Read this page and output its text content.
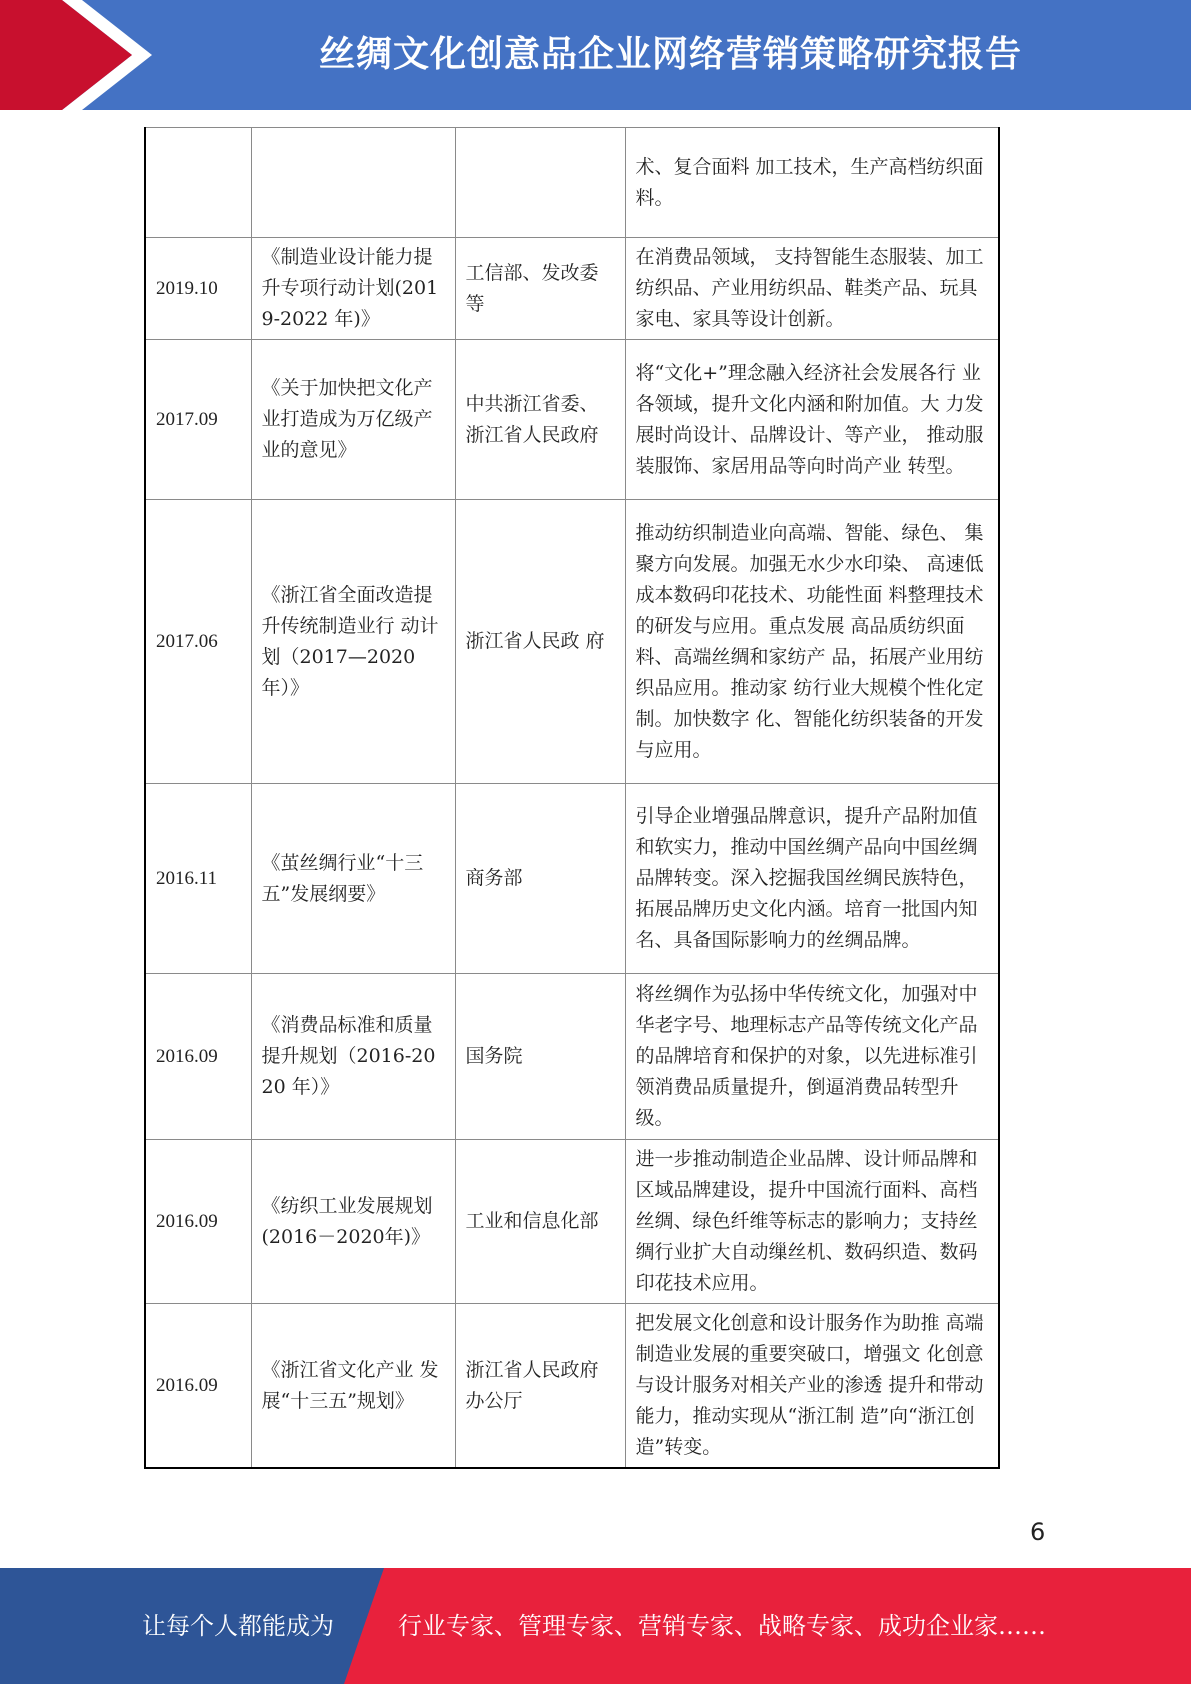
丝绸文化创意品企业网络营销策略研究报告
			术、复合面料 加工技术，生产高档纺织面料。
2019.10	《制造业设计能力提升专项行动计划(2019-2022 年)》	工信部、发改委等	在消费品领域， 支持智能生态服装、加工纺织品、产业用纺织品、鞋类产品、玩具家电、家具等设计创新。
2017.09	《关于加快把文化产业打造成为万亿级产业的意见》	中共浙江省委、浙江省人民政府	将“文化+”理念融入经济社会发展各行 业各领域，提升文化内涵和附加值。大 力发展时尚设计、品牌设计、等产业， 推动服装服饰、家居用品等向时尚产业 转型。
2017.06	《浙江省全面改造提升传统制造业行 动计划（2017—2020 年）》	浙江省人民政 府	推动纺织制造业向高端、智能、绿色、 集聚方向发展。加强无水少水印染、 高速低成本数码印花技术、功能性面 料整理技术的研发与应用。重点发展 高品质纺织面料、高端丝绸和家纺产 品，拓展产业用纺织品应用。推动家 纺行业大规模个性化定制。加快数字 化、智能化纺织装备的开发与应用。
2016.11	《茧丝绸行业“十三五”发展纲要》	商务部	引导企业增强品牌意识，提升产品附加值和软实力，推动中国丝绸产品向中国丝绸品牌转变。深入挖掘我国丝绸民族特色，拓展品牌历史文化内涵。培育一批国内知名、具备国际影响力的丝绸品牌。
2016.09	《消费品标准和质量提升规划（2016-2020 年）》	国务院	将丝绸作为弘扬中华传统文化，加强对中华老字号、地理标志产品等传统文化产品的品牌培育和保护的对象，以先进标准引领消费品质量提升，倒逼消费品转型升级。
2016.09	《纺织工业发展规划(2016－2020年)》	工业和信息化部	进一步推动制造企业品牌、设计师品牌和区域品牌建设，提升中国流行面料、高档丝绸、绿色纤维等标志的影响力；支持丝绸行业扩大自动缫丝机、数码织造、数码印花技术应用。
2016.09	《浙江省文化产业 发展“十三五”规划》	浙江省人民政府 办公厅	把发展文化创意和设计服务作为助推 高端制造业发展的重要突破口，增强文 化创意与设计服务对相关产业的渗透 提升和带动能力，推动实现从“浙江制 造”向“浙江创造”转变。
6
让每个人都能成为	行业专家、管理专家、营销专家、战略专家、成功企业家……
